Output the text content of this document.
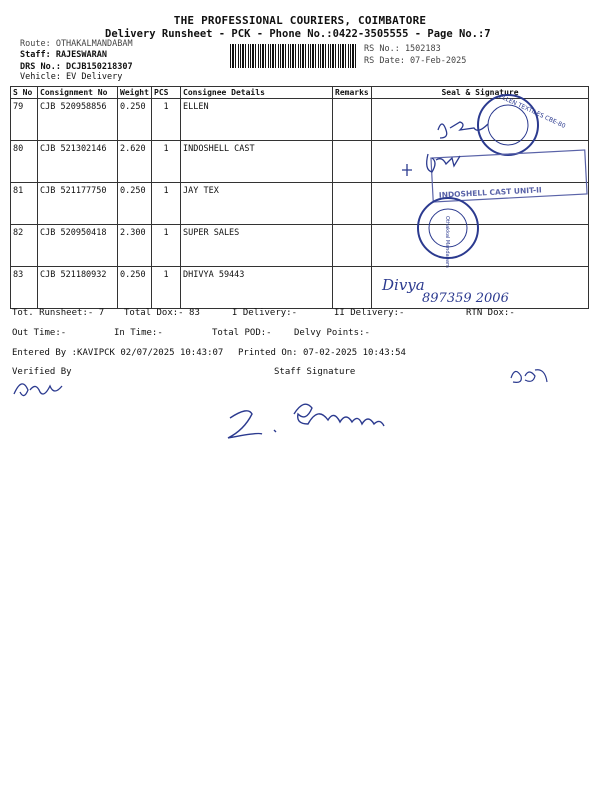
THE PROFESSIONAL COURIERS, COIMBATORE
Delivery Runsheet - PCK - Phone No.:0422-3505555 - Page No.:7
Route: OTHAKALMANDABAM
Staff: RAJESWARAN
DRS No.: DCJB150218307
Vehicle: EV Delivery
RS No.: 1502183
RS Date: 07-Feb-2025
S No	Consignment No	Weight	PCS	Consignee Details	Remarks	Seal & Signature
79	CJB 520958856	0.250	1	ELLEN		
80	CJB 521302146	2.620	1	INDOSHELL CAST		
81	CJB 521177750	0.250	1	JAY TEX		
82	CJB 520950418	2.300	1	SUPER SALES		
83	CJB 521180932	0.250	1	DHIVYA 59443		
ELLEN TEXTILES CBE-80
INDOSHELL CAST UNIT-II
Othakkal Mandapam
Divya
897359 2006
Tot. Runsheet:- 7 Total Dox:- 83	I Delivery:-	II Delivery:-	RTN Dox:-
Out Time:-	In Time:-	Total POD:- Delvy Points:-
Entered By :KAVIPCK 02/07/2025 10:43:07 Printed On: 07-02-2025 10:43:54
Verified By	Staff Signature
